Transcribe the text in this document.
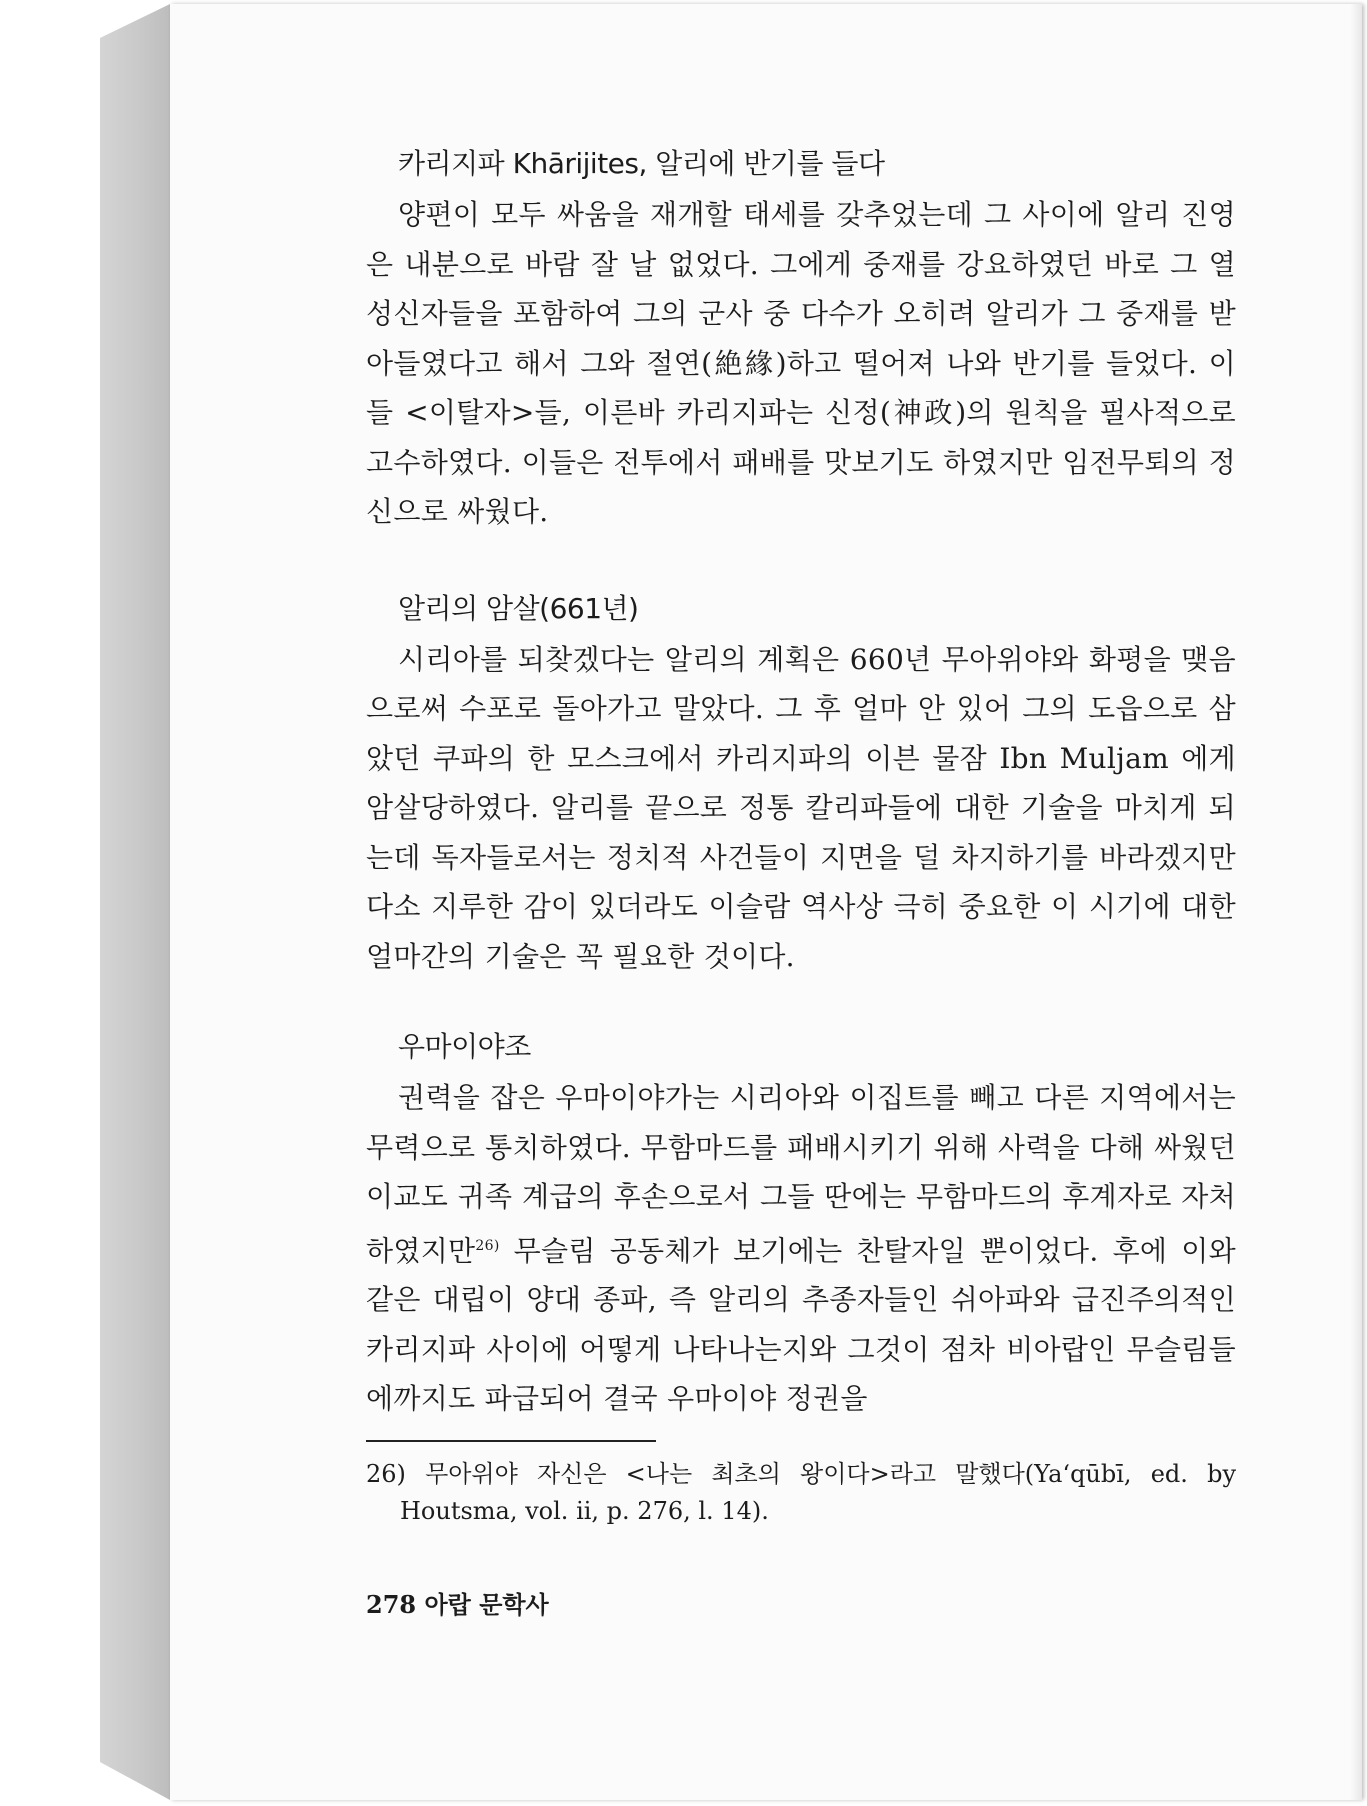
카리지파 Khārijites, 알리에 반기를 들다

양편이 모두 싸움을 재개할 태세를 갖추었는데 그 사이에 알리 진영은 내분으로 바람 잘 날 없었다. 그에게 중재를 강요하였던 바로 그 열성신자들을 포함하여 그의 군사 중 다수가 오히려 알리가 그 중재를 받아들였다고 해서 그와 절연(絶緣)하고 떨어져 나와 반기를 들었다. 이들 <이탈자>들, 이른바 카리지파는 신정(神政)의 원칙을 필사적으로 고수하였다. 이들은 전투에서 패배를 맛보기도 하였지만 임전무퇴의 정신으로 싸웠다.

알리의 암살(661년)

시리아를 되찾겠다는 알리의 계획은 660년 무아위야와 화평을 맺음으로써 수포로 돌아가고 말았다. 그 후 얼마 안 있어 그의 도읍으로 삼았던 쿠파의 한 모스크에서 카리지파의 이븐 물잠 Ibn Muljam 에게 암살당하였다. 알리를 끝으로 정통 칼리파들에 대한 기술을 마치게 되는데 독자들로서는 정치적 사건들이 지면을 덜 차지하기를 바라겠지만 다소 지루한 감이 있더라도 이슬람 역사상 극히 중요한 이 시기에 대한 얼마간의 기술은 꼭 필요한 것이다.

우마이야조

권력을 잡은 우마이야가는 시리아와 이집트를 빼고 다른 지역에서는 무력으로 통치하였다. 무함마드를 패배시키기 위해 사력을 다해 싸웠던 이교도 귀족 계급의 후손으로서 그들 딴에는 무함마드의 후계자로 자처하였지만$^{26)}$ 무슬림 공동체가 보기에는 찬탈자일 뿐이었다. 후에 이와 같은 대립이 양대 종파, 즉 알리의 추종자들인 쉬아파와 급진주의적인 카리지파 사이에 어떻게 나타나는지와 그것이 점차 비아랍인 무슬림들에까지도 파급되어 결국 우마이야 정권을

26) 무아위야 자신은 <나는 최초의 왕이다>라고 말했다(Ya‘qūbī, ed. by Houtsma, vol. ii, p. 276, l. 14).

278 아랍 문학사
